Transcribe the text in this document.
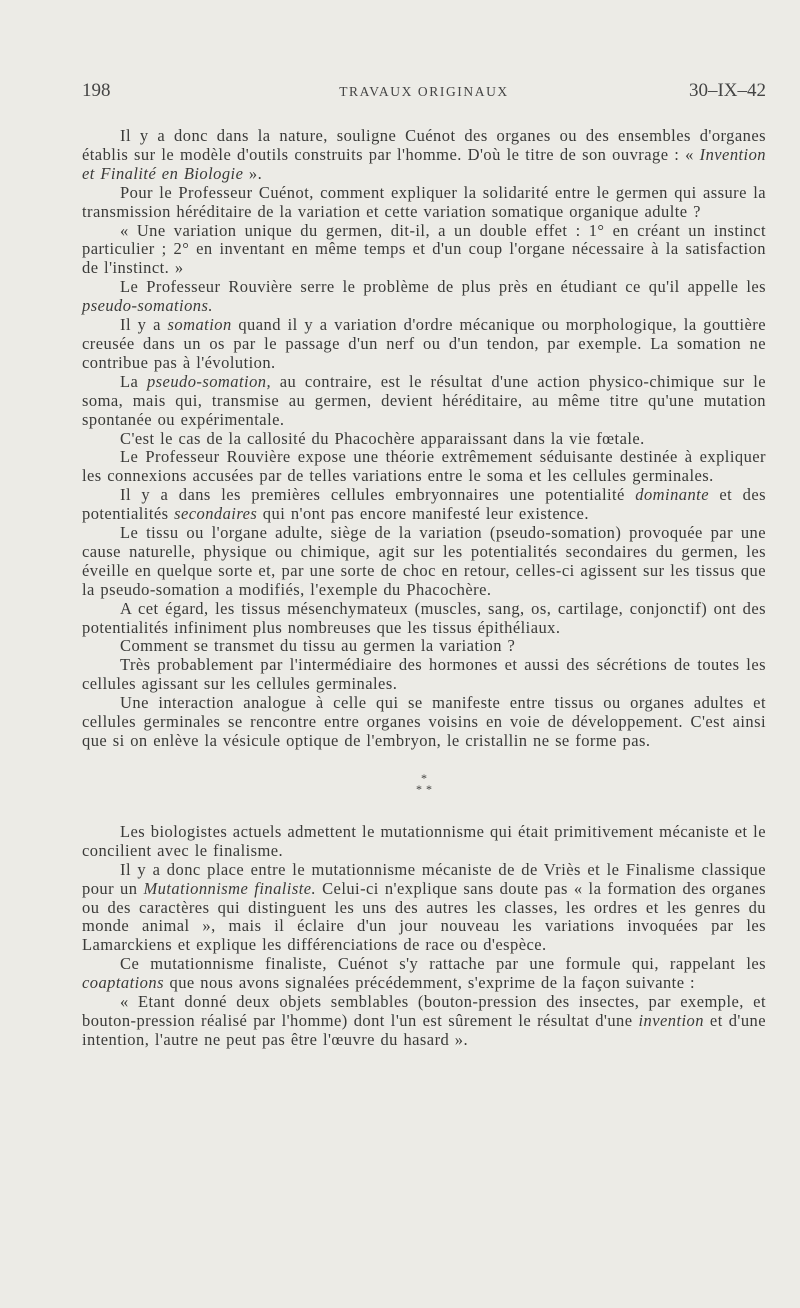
198	TRAVAUX ORIGINAUX	30–IX–42

Il y a donc dans la nature, souligne Cuénot des organes ou des ensembles d'organes établis sur le modèle d'outils construits par l'homme. D'où le titre de son ouvrage : « Invention et Finalité en Biologie ».

Pour le Professeur Cuénot, comment expliquer la solidarité entre le germen qui assure la transmission héréditaire de la variation et cette variation somatique organique adulte ?

« Une variation unique du germen, dit-il, a un double effet : 1° en créant un instinct particulier ; 2° en inventant en même temps et d'un coup l'organe nécessaire à la satisfaction de l'instinct. »

Le Professeur Rouvière serre le problème de plus près en étudiant ce qu'il appelle les pseudo-somations.

Il y a somation quand il y a variation d'ordre mécanique ou morphologique, la gouttière creusée dans un os par le passage d'un nerf ou d'un tendon, par exemple. La somation ne contribue pas à l'évolution.

La pseudo-somation, au contraire, est le résultat d'une action physico-chimique sur le soma, mais qui, transmise au germen, devient héréditaire, au même titre qu'une mutation spontanée ou expérimentale.

C'est le cas de la callosité du Phacochère apparaissant dans la vie fœtale.

Le Professeur Rouvière expose une théorie extrêmement séduisante destinée à expliquer les connexions accusées par de telles variations entre le soma et les cellules germinales.

Il y a dans les premières cellules embryonnaires une potentialité dominante et des potentialités secondaires qui n'ont pas encore manifesté leur existence.

Le tissu ou l'organe adulte, siège de la variation (pseudo-somation) provoquée par une cause naturelle, physique ou chimique, agit sur les potentialités secondaires du germen, les éveille en quelque sorte et, par une sorte de choc en retour, celles-ci agissent sur les tissus que la pseudo-somation a modifiés, l'exemple du Phacochère.

A cet égard, les tissus mésenchymateux (muscles, sang, os, cartilage, conjonctif) ont des potentialités infiniment plus nombreuses que les tissus épithéliaux.

Comment se transmet du tissu au germen la variation ?

Très probablement par l'intermédiaire des hormones et aussi des sécrétions de toutes les cellules agissant sur les cellules germinales.

Une interaction analogue à celle qui se manifeste entre tissus ou organes adultes et cellules germinales se rencontre entre organes voisins en voie de développement. C'est ainsi que si on enlève la vésicule optique de l'embryon, le cristallin ne se forme pas.

*
* *

Les biologistes actuels admettent le mutationnisme qui était primitivement mécaniste et le concilient avec le finalisme.

Il y a donc place entre le mutationnisme mécaniste de de Vriès et le Finalisme classique pour un Mutationnisme finaliste. Celui-ci n'explique sans doute pas « la formation des organes ou des caractères qui distinguent les uns des autres les classes, les ordres et les genres du monde animal », mais il éclaire d'un jour nouveau les variations invoquées par les Lamarckiens et explique les différenciations de race ou d'espèce.

Ce mutationnisme finaliste, Cuénot s'y rattache par une formule qui, rappelant les coaptations que nous avons signalées précédemment, s'exprime de la façon suivante :

« Etant donné deux objets semblables (bouton-pression des insectes, par exemple, et bouton-pression réalisé par l'homme) dont l'un est sûrement le résultat d'une invention et d'une intention, l'autre ne peut pas être l'œuvre du hasard ».
